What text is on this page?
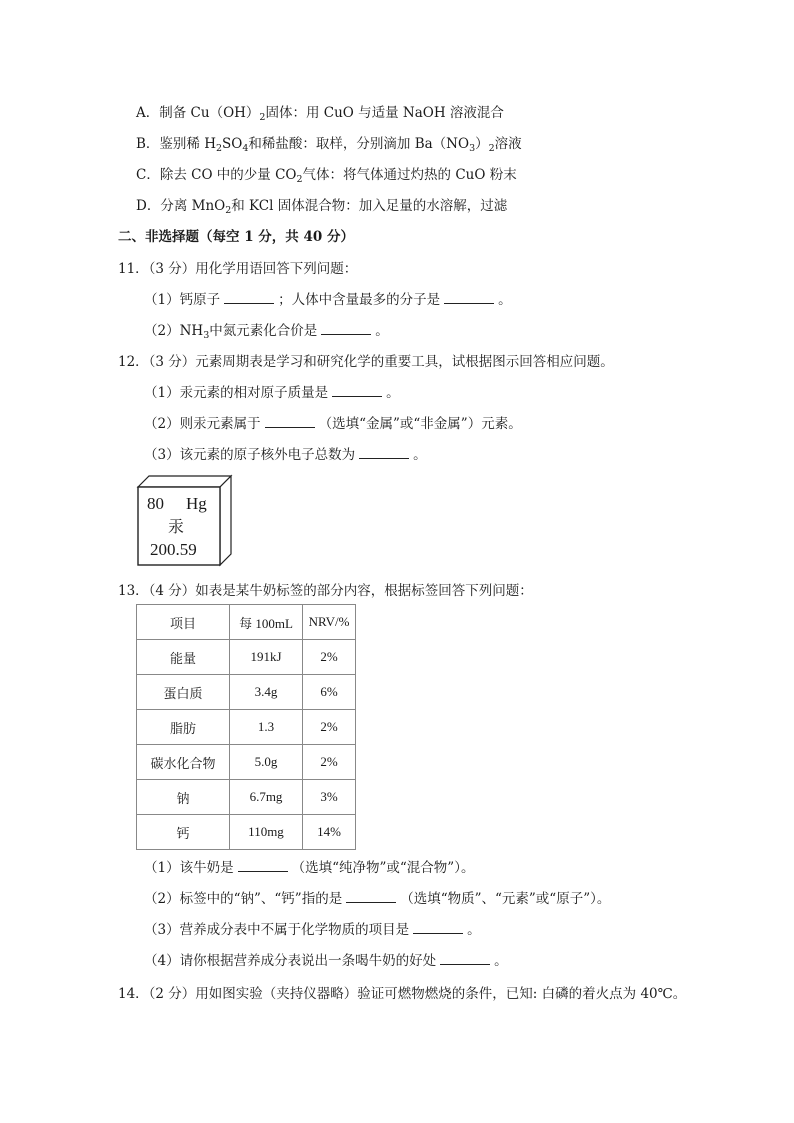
A．制备 $Cu(OH)_2$固体：用 CuO 与适量 NaOH 溶液混合
B．鉴别稀 $H_2SO_4$和稀盐酸：取样，分别滴加 $Ba(NO_3)_2$溶液
C．除去 CO 中的少量 $CO_2$气体：将气体通过灼热的 CuO 粉末
D．分离 MnO$_2$和 KCl 固体混合物：加入足量的水溶解，过滤
二、非选择题（每空 1 分，共 40 分）
11．（3 分）用化学用语回答下列问题：
（1）钙原子	；人体中含量最多的分子是	。
$(2)NH_3$中氮元素化合价是	。
12．（3 分）元素周期表是学习和研究化学的重要工具，试根据图示回答相应问题。
（1）汞元素的相对原子质量是	。
（2）则汞元素属于	（选填“金属”或“非金属”）元素。
（3）该元素的原子核外电子总数为	。
80 Hg
汞
200.59
13．（4 分）如表是某牛奶标签的部分内容，根据标签回答下列问题：
项目	每 100mL	NRV/%
能量	191kJ	2%
蛋白质	3.4g	6%
脂肪	1.3	2%
碳水化合物	5.0g	2%
钠	6.7mg	3%
钙	110mg	14%
（1）该牛奶是	（选填“纯净物”或“混合物”）。
（2）标签中的“钠”、“钙”指的是	（选填“物质”、“元素”或“原子”）。
（3）营养成分表中不属于化学物质的项目是	。
（4）请你根据营养成分表说出一条喝牛奶的好处	。
14．（2 分）用如图实验（夹持仪器略）验证可燃物燃烧的条件，已知: 白磷的着火点为 40℃。
